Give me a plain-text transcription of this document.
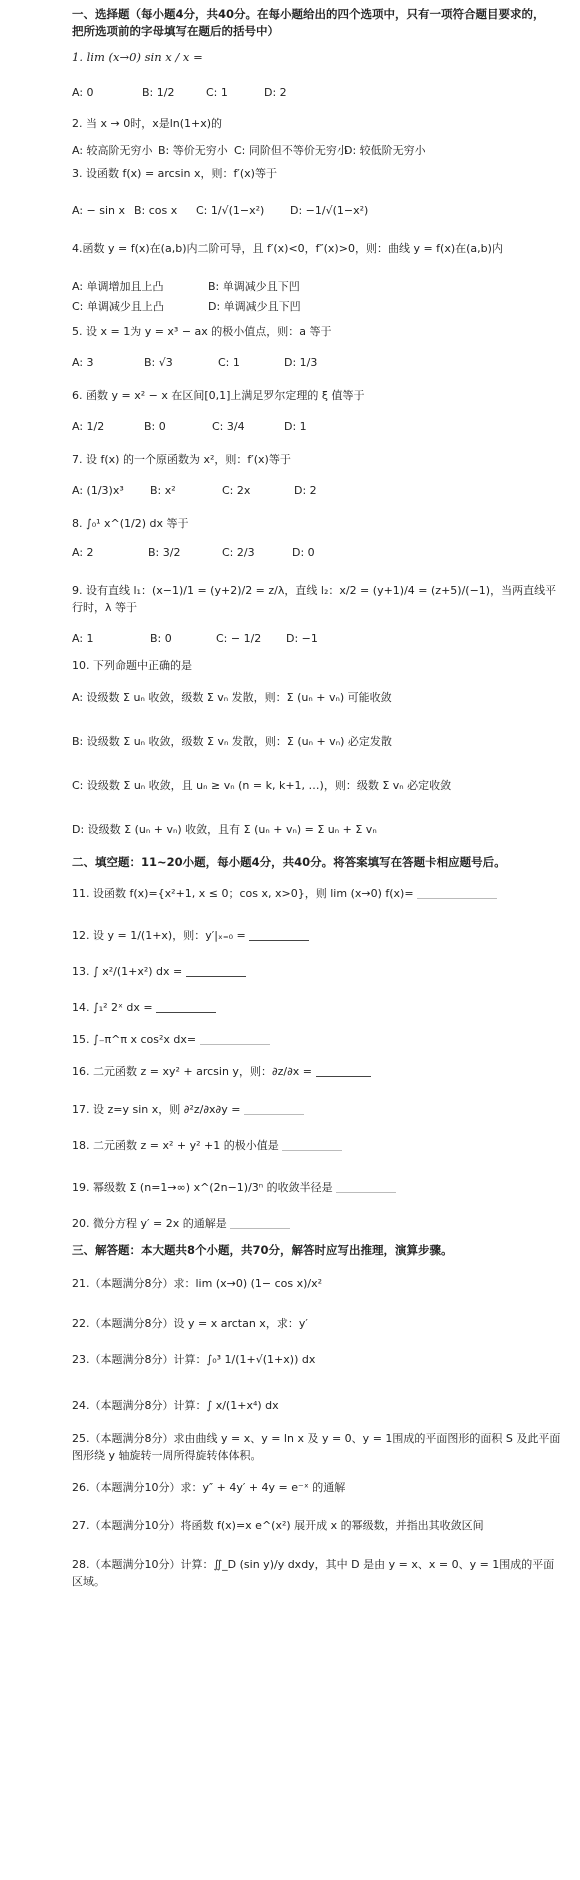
一、选择题（每小题4分，共40分。在每小题给出的四个选项中，只有一项符合题目要求的，把所选项前的字母填写在题后的括号中）
1. lim (x→0) sin x / x =
A: 0	B: 1/2	C: 1	D: 2
2. 当 x → 0时，x是ln(1+x)的
A: 较高阶无穷小 B: 等价无穷小 C: 同阶但不等价无穷小
D: 较低阶无穷小
3. 设函数 f(x) = arcsin x，则：f′(x)等于
A: − sin x B: cos x C: 1/√(1−x²) D: −1/√(1−x²)
4.函数 y = f(x)在(a,b)内二阶可导，且 f′(x)<0，f″(x)>0，则：曲线 y = f(x)在(a,b)内
A: 单调增加且上凸	B: 单调减少且下凹
C: 单调减少且上凸	D: 单调减少且下凹
5. 设 x = 1为 y = x³ − ax 的极小值点，则：a 等于
A: 3	B: √3	C: 1	D: 1/3
6. 函数 y = x² − x 在区间[0,1]上满足罗尔定理的 ξ 值等于
A: 1/2	B: 0	C: 3/4	D: 1
7. 设 f(x) 的一个原函数为 x²，则：f′(x)等于
A: (1/3)x³ B: x²	C: 2x	D: 2
8. ∫₀¹ x^(1/2) dx 等于
A: 2	B: 3/2	C: 2/3	D: 0
9. 设有直线 l₁：(x−1)/1 = (y+2)/2 = z/λ，直线 l₂：x/2 = (y+1)/4 = (z+5)/(−1)，当两直线平行时，λ 等于
A: 1	B: 0	C: − 1/2 D: −1
10. 下列命题中正确的是
A: 设级数 Σ uₙ 收敛，级数 Σ vₙ 发散，则：Σ (uₙ + vₙ) 可能收敛
B: 设级数 Σ uₙ 收敛，级数 Σ vₙ 发散，则：Σ (uₙ + vₙ) 必定发散
C: 设级数 Σ uₙ 收敛，且 uₙ ≥ vₙ (n = k, k+1, …)，则：级数 Σ vₙ 必定收敛
D: 设级数 Σ (uₙ + vₙ) 收敛，且有 Σ (uₙ + vₙ) = Σ uₙ + Σ vₙ
二、填空题：11~20小题，每小题4分，共40分。将答案填写在答题卡相应题号后。
11. 设函数 f(x)={x²+1, x ≤ 0；cos x, x>0}，则 lim (x→0) f(x)=
12. 设 y = 1/(1+x)，则：y′|ₓ₌₀ =
13. ∫ x²/(1+x²) dx =
14. ∫₁² 2ˣ dx =
15. ∫₋π^π x cos²x dx=
16. 二元函数 z = xy² + arcsin y，则：∂z/∂x =
17. 设 z=y sin x，则 ∂²z/∂x∂y =
18. 二元函数 z = x² + y² +1 的极小值是
19. 幂级数 Σ (n=1→∞) x^(2n−1)/3ⁿ 的收敛半径是
20. 微分方程 y′ = 2x 的通解是
三、解答题：本大题共8个小题，共70分，解答时应写出推理，演算步骤。
21.（本题满分8分）求：lim (x→0) (1− cos x)/x²
22.（本题满分8分）设 y = x arctan x，求：y′
23.（本题满分8分）计算：∫₀³ 1/(1+√(1+x)) dx
24.（本题满分8分）计算：∫ x/(1+x⁴) dx
25.（本题满分8分）求由曲线 y = x、y = ln x 及 y = 0、y = 1围成的平面图形的面积 S 及此平面图形绕 y 轴旋转一周所得旋转体体积。
26.（本题满分10分）求：y″ + 4y′ + 4y = e⁻ˣ 的通解
27.（本题满分10分）将函数 f(x)=x e^(x²) 展开成 x 的幂级数，并指出其收敛区间
28.（本题满分10分）计算：∬_D (sin y)/y dxdy，其中 D 是由 y = x、x = 0、y = 1围成的平面区域。
